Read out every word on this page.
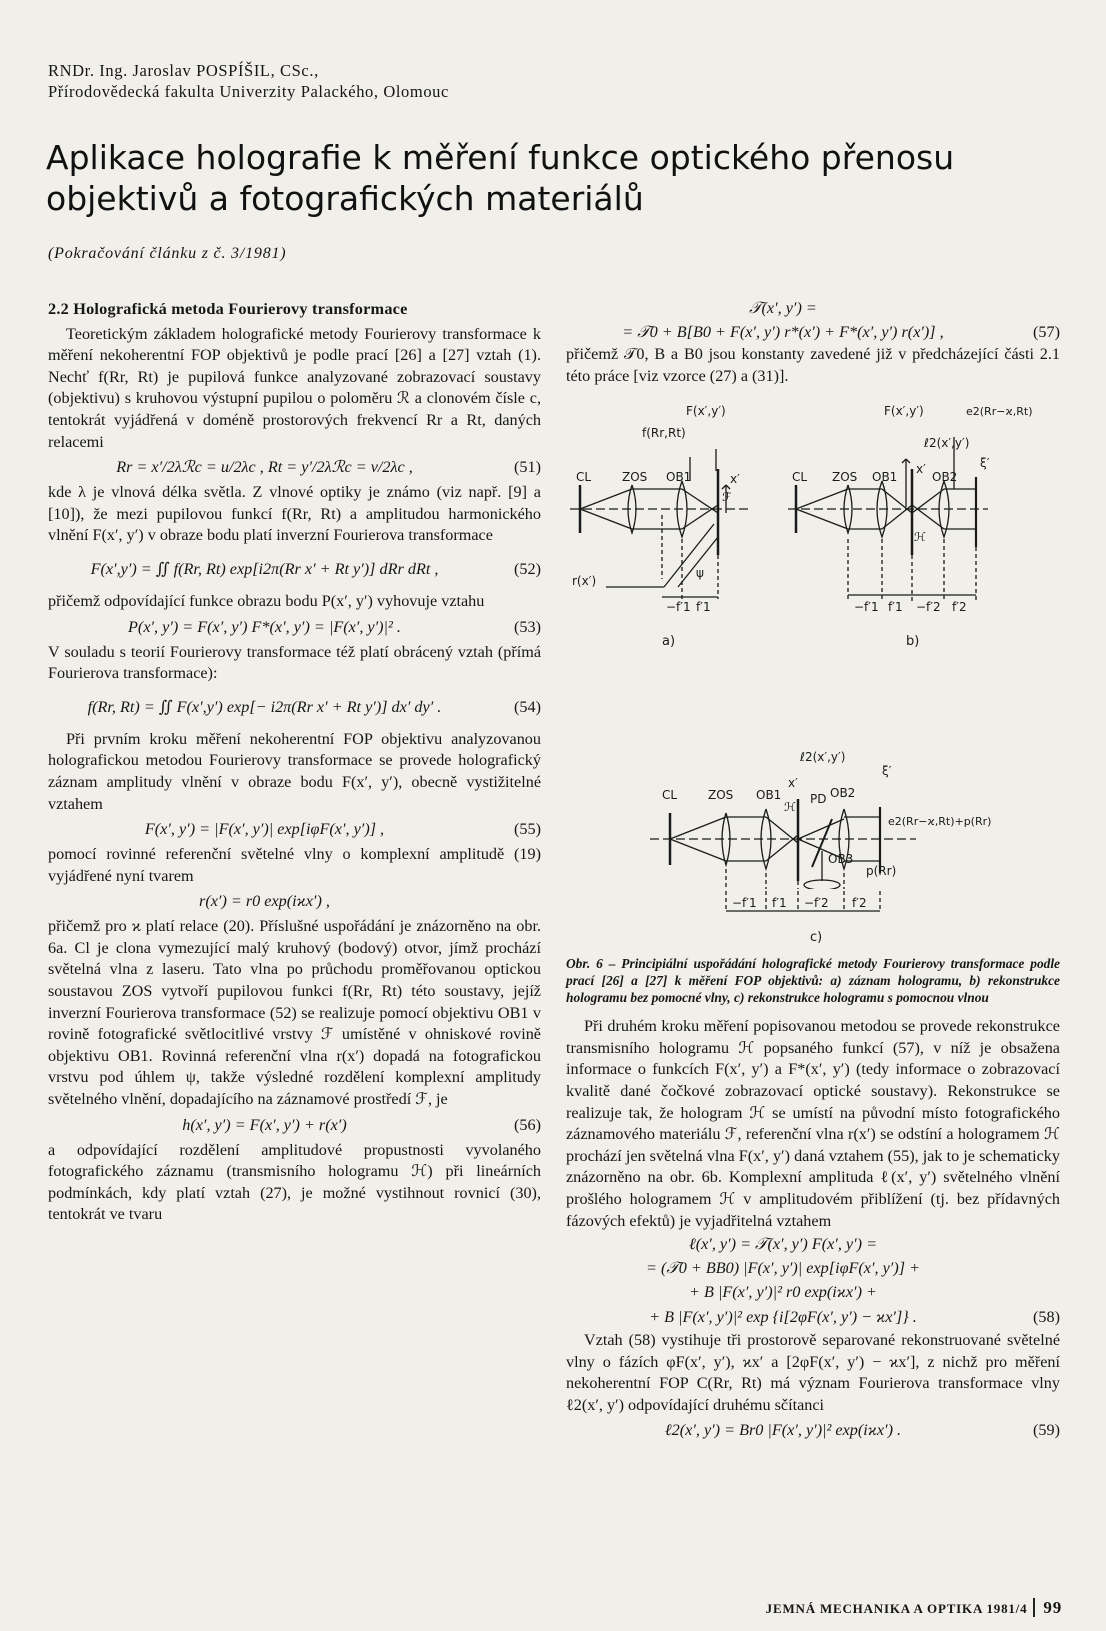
RNDr. Ing. Jaroslav POSPÍŠIL, CSc.,
Přírodovědecká fakulta Univerzity Palackého, Olomouc
Aplikace holografie k měření funkce optického přenosu objektivů a fotografických materiálů
(Pokračování článku z č. 3/1981)
2.2 Holografická metoda Fourierovy transformace

Teoretickým základem holografické metody Fourierovy transformace k měření nekoherentní FOP objektivů je podle prací [26] a [27] vztah (1). Nechť f(Rr, Rt) je pupilová funkce analyzované zobrazovací soustavy (objektivu) s kruhovou výstupní pupilou o poloměru ℛ a clonovém čísle c, tentokrát vyjádřená v doméně prostorových frekvencí Rr a Rt, daných relacemi

Rr = x′/2λℛc = u/2λc , Rt = y′/2λℛc = v/2λc ,	(51)

kde λ je vlnová délka světla. Z vlnové optiky je známo (viz např. [9] a [10]), že mezi pupilovou funkcí f(Rr, Rt) a amplitudou harmonického vlnění F(x′, y′) v obraze bodu platí inverzní Fourierova transformace

F(x′,y′) = ∬ f(Rr, Rt) exp[i2π(Rr x′ + Rt y′)] dRr dRt ,	(52)

přičemž odpovídající funkce obrazu bodu P(x′, y′) vyhovuje vztahu

P(x′, y′) = F(x′, y′) F*(x′, y′) = |F(x′, y′)|² .	(53)

V souladu s teorií Fourierovy transformace též platí obrácený vztah (přímá Fourierova transformace):

f(Rr, Rt) = ∬ F(x′,y′) exp[− i2π(Rr x′ + Rt y′)] dx′ dy′ .	(54)

Při prvním kroku měření nekoherentní FOP objektivu analyzovanou holografickou metodou Fourierovy transformace se provede holografický záznam amplitudy vlnění v obraze bodu F(x′, y′), obecně vystižitelné vztahem

F(x′, y′) = |F(x′, y′)| exp[iφF(x′, y′)] ,	(55)

pomocí rovinné referenční světelné vlny o komplexní amplitudě (19) vyjádřené nyní tvarem

r(x′) = r0 exp(iϰx′) ,

přičemž pro ϰ platí relace (20). Příslušné uspořádání je znázorněno na obr. 6a. Cl je clona vymezující malý kruhový (bodový) otvor, jímž prochází světelná vlna z laseru. Tato vlna po průchodu proměřovanou optickou soustavou ZOS vytvoří pupilovou funkci f(Rr, Rt) této soustavy, jejíž inverzní Fourierova transformace (52) se realizuje pomocí objektivu OB1 v rovině fotografické světlocitlivé vrstvy ℱ umístěné v ohniskové rovině objektivu OB1. Rovinná referenční vlna r(x′) dopadá na fotografickou vrstvu pod úhlem ψ, takže výsledné rozdělení komplexní amplitudy světelného vlnění, dopadajícího na záznamové prostředí ℱ, je

h(x′, y′) = F(x′, y′) + r(x′)	(56)

a odpovídající rozdělení amplitudové propustnosti vyvolaného fotografického záznamu (transmisního hologramu ℋ) při lineárních podmínkách, kdy platí vztah (27), je možné vystihnout rovnicí (30), tentokrát ve tvaru

𝒯(x′, y′) =
= 𝒯0 + B[B0 + F(x′, y′) r*(x′) + F*(x′, y′) r(x′)] ,	(57)

přičemž 𝒯0, B a B0 jsou konstanty zavedené již v předcházející části 2.1 této práce [viz vzorce (27) a (31)].

F(x′,y′)
f(Rr,Rt)
CL	ZOS OB1	x′
ℱ
r(x′)
ψ
−f′1 f′1
a)
F(x′,y′)	e2(Rr−ϰ,Rt)
ℓ2(x′,y′)
CL ZOS OB1	OB2
x′
ℋ
ξ′
−f′1 f′1 −f′2 f′2
b)
ℓ2(x′,y′)
CL	ZOS OB1
x′
ℋ
PD OB2
OB3
ξ′
e2(Rr−ϰ,Rt)+p(Rr)
p(Rr)
−f′1 f′1 −f′2 f′2
c)

Obr. 6 – Principiální uspořádání holografické metody Fourierovy transformace podle prací [26] a [27] k měření FOP objektivů: a) záznam hologramu, b) rekonstrukce hologramu bez pomocné vlny, c) rekonstrukce hologramu s pomocnou vlnou

Při druhém kroku měření popisovanou metodou se provede rekonstrukce transmisního hologramu ℋ popsaného funkcí (57), v níž je obsažena informace o funkcích F(x′, y′) a F*(x′, y′) (tedy informace o zobrazovací kvalitě dané čočkové zobrazovací optické soustavy). Rekonstrukce se realizuje tak, že hologram ℋ se umístí na původní místo fotografického záznamového materiálu ℱ, referenční vlna r(x′) se odstíní a hologramem ℋ prochází jen světelná vlna F(x′, y′) daná vztahem (55), jak to je schematicky znázorněno na obr. 6b. Komplexní amplituda ℓ(x′, y′) světelného vlnění prošlého hologramem ℋ v amplitudovém přiblížení (tj. bez přídavných fázových efektů) je vyjadřitelná vztahem

ℓ(x′, y′) = 𝒯(x′, y′) F(x′, y′) =
= (𝒯0 + BB0) |F(x′, y′)| exp[iφF(x′, y′)] +
+ B |F(x′, y′)|² r0 exp(iϰx′) +
+ B |F(x′, y′)|² exp {i[2φF(x′, y′) − ϰx′]} .	(58)

Vztah (58) vystihuje tři prostorově separované rekonstruované světelné vlny o fázích φF(x′, y′), ϰx′ a [2φF(x′, y′) − ϰx′], z nichž pro měření nekoherentní FOP C(Rr, Rt) má význam Fourierova transformace vlny ℓ2(x′, y′) odpovídající druhému sčítanci

ℓ2(x′, y′) = Br0 |F(x′, y′)|² exp(iϰx′) .	(59)
JEMNÁ MECHANIKA A OPTIKA 1981/4 99
